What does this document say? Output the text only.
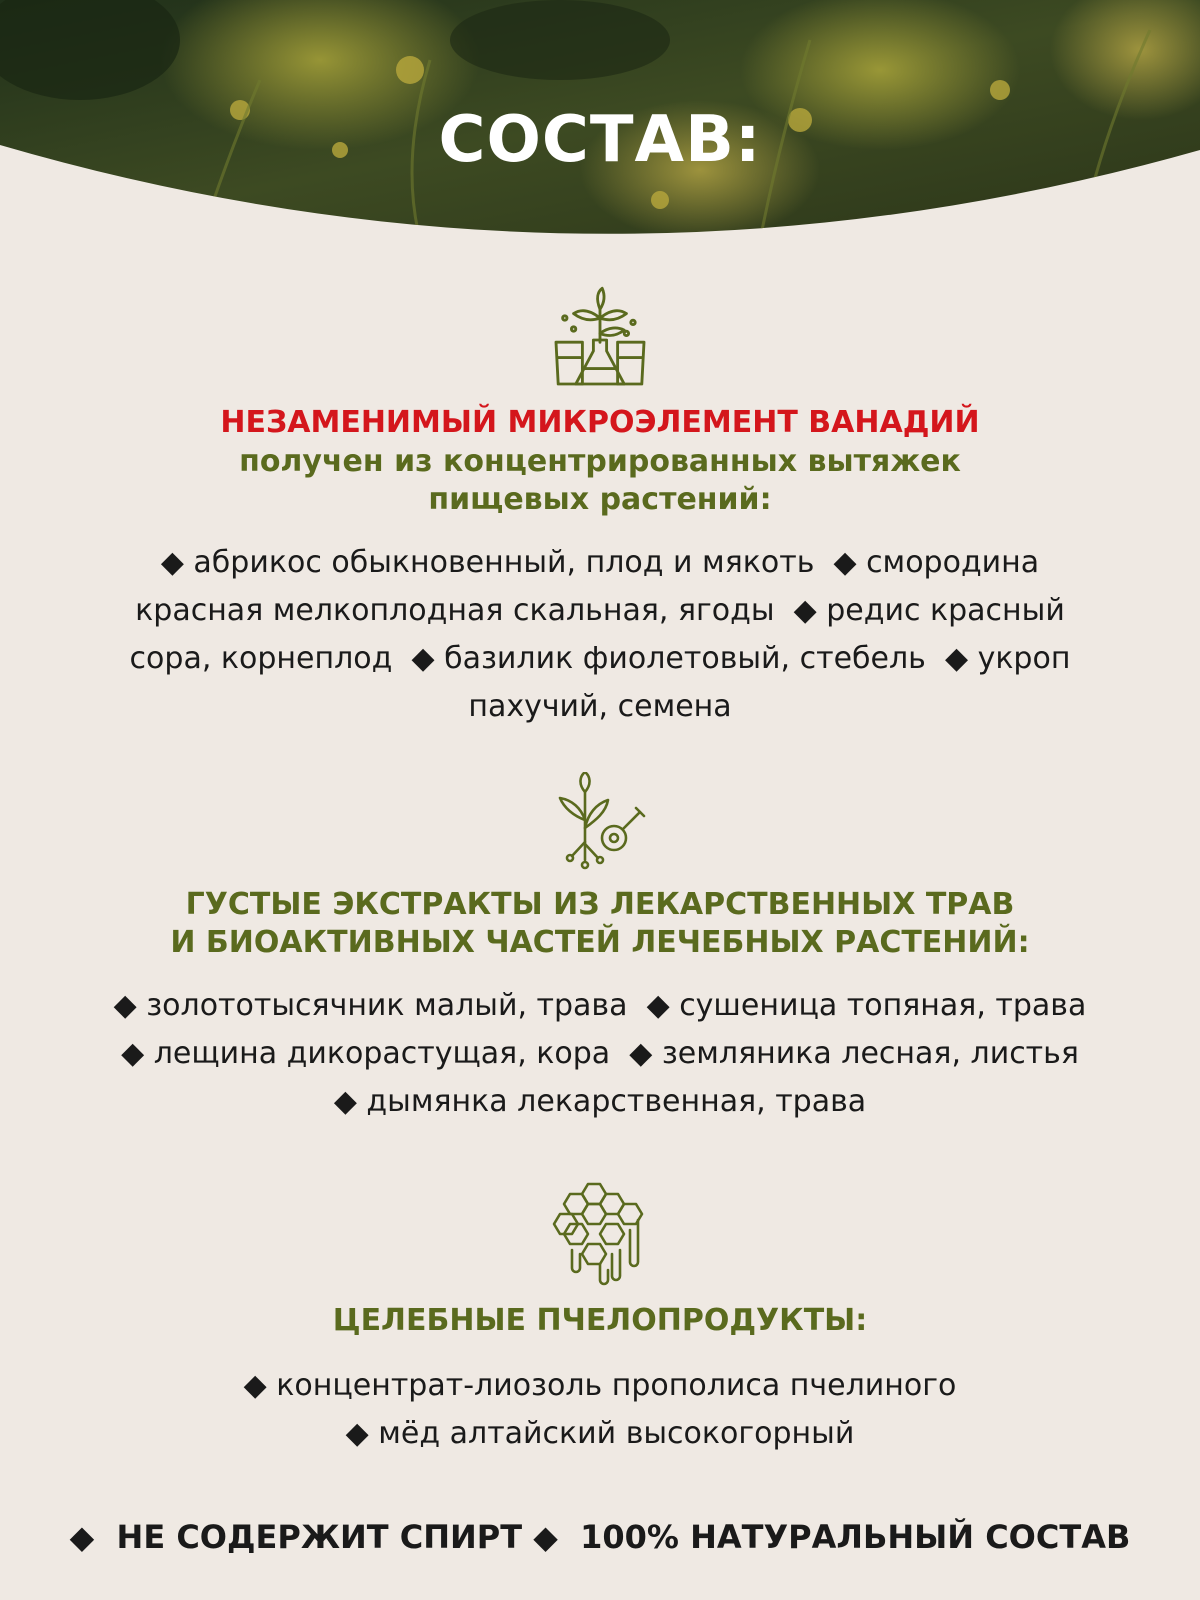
СОСТАВ:

НЕЗАМЕНИМЫЙ МИКРОЭЛЕМЕНТ ВАНАДИЙ

получен из концентрированных вытяжек

пищевых растений:

◆ абрикос обыкновенный, плод и мякоть ◆ смородина красная мелкоплодная скальная, ягоды ◆ редис красный сора, корнеплод ◆ базилик фиолетовый, стебель ◆ укроп пахучий, семена

ГУСТЫЕ ЭКСТРАКТЫ ИЗ ЛЕКАРСТВЕННЫХ ТРАВ

И БИОАКТИВНЫХ ЧАСТЕЙ ЛЕЧЕБНЫХ РАСТЕНИЙ:

◆ золототысячник малый, трава ◆ сушеница топяная, трава
◆ лещина дикорастущая, кора ◆ земляника лесная, листья
◆ дымянка лекарственная, трава

ЦЕЛЕБНЫЕ ПЧЕЛОПРОДУКТЫ:

◆ концентрат-лиозоль прополиса пчелиного
◆ мёд алтайский высокогорный
◆  НЕ СОДЕРЖИТ СПИРТ ◆  100% НАТУРАЛЬНЫЙ СОСТАВ
